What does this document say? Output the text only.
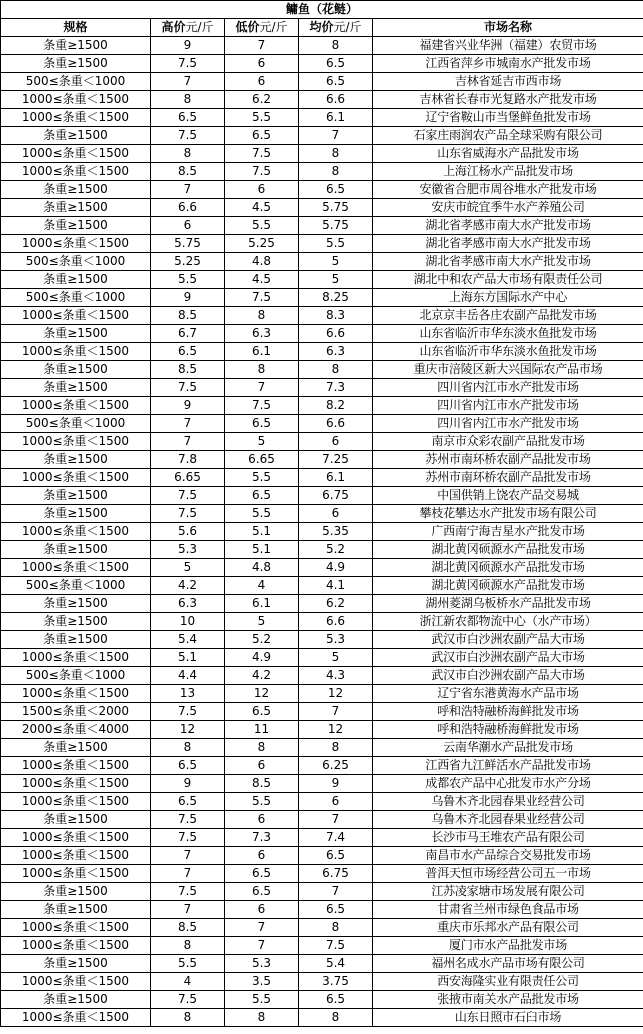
鳙鱼（花鲢）				
规格	高价元/斤	低价元/斤	均价元/斤	市场名称
条重≥1500	9	7	8	福建省兴业华洲（福建）农贸市场
条重≥1500	7.5	6	6.5	江西省萍乡市城南水产批发市场
500≤条重＜1000	7	6	6.5	吉林省延吉市西市场
1000≤条重＜1500	8	6.2	6.6	吉林省长春市光复路水产批发市场
1000≤条重＜1500	6.5	5.5	6.1	辽宁省鞍山市当堡鲜鱼批发市场
条重≥1500	7.5	6.5	7	石家庄雨润农产品全球采购有限公司
1000≤条重＜1500	8	7.5	8	山东省威海水产品批发市场
1000≤条重＜1500	8.5	7.5	8	上海江杨水产品批发市场
条重≥1500	7	6	6.5	安徽省合肥市周谷堆水产批发市场
条重≥1500	6.6	4.5	5.75	安庆市皖宜季牛水产养殖公司
条重≥1500	6	5.5	5.75	湖北省孝感市南大水产批发市场
1000≤条重＜1500	5.75	5.25	5.5	湖北省孝感市南大水产批发市场
500≤条重＜1000	5.25	4.8	5	湖北省孝感市南大水产批发市场
条重≥1500	5.5	4.5	5	湖北中和农产品大市场有限责任公司
500≤条重＜1000	9	7.5	8.25	上海东方国际水产中心
1000≤条重＜1500	8.5	8	8.3	北京京丰岳各庄农副产品批发市场
条重≥1500	6.7	6.3	6.6	山东省临沂市华东淡水鱼批发市场
1000≤条重＜1500	6.5	6.1	6.3	山东省临沂市华东淡水鱼批发市场
条重≥1500	8.5	8	8	重庆市涪陵区新大兴国际农产品市场
条重≥1500	7.5	7	7.3	四川省内江市水产批发市场
1000≤条重＜1500	9	7.5	8.2	四川省内江市水产批发市场
500≤条重＜1000	7	6.5	6.6	四川省内江市水产批发市场
1000≤条重＜1500	7	5	6	南京市众彩农副产品批发市场
条重≥1500	7.8	6.65	7.25	苏州市南环桥农副产品批发市场
1000≤条重＜1500	6.65	5.5	6.1	苏州市南环桥农副产品批发市场
条重≥1500	7.5	6.5	6.75	中国供销上饶农产品交易城
条重≥1500	7.5	5.5	6	攀枝花攀达水产批发市场有限公司
1000≤条重＜1500	5.6	5.1	5.35	广西南宁海吉星水产批发市场
条重≥1500	5.3	5.1	5.2	湖北黄冈硕源水产品批发市场
1000≤条重＜1500	5	4.8	4.9	湖北黄冈硕源水产品批发市场
500≤条重＜1000	4.2	4	4.1	湖北黄冈硕源水产品批发市场
条重≥1500	6.3	6.1	6.2	湖州菱湖乌板桥水产品批发市场
条重≥1500	10	5	6.6	浙江新农都物流中心（水产市场）
条重≥1500	5.4	5.2	5.3	武汉市白沙洲农副产品大市场
1000≤条重＜1500	5.1	4.9	5	武汉市白沙洲农副产品大市场
500≤条重＜1000	4.4	4.2	4.3	武汉市白沙洲农副产品大市场
1000≤条重＜1500	13	12	12	辽宁省东港黄海水产品市场
1500≤条重＜2000	7.5	6.5	7	呼和浩特融桥海鲜批发市场
2000≤条重＜4000	12	11	12	呼和浩特融桥海鲜批发市场
条重≥1500	8	8	8	云南华潮水产品批发市场
1000≤条重＜1500	6.5	6	6.25	江西省九江鲜活水产品批发市场
1000≤条重＜1500	9	8.5	9	成都农产品中心批发市水产分场
1000≤条重＜1500	6.5	5.5	6	乌鲁木齐北园春果业经营公司
条重≥1500	7.5	6	7	乌鲁木齐北园春果业经营公司
1000≤条重＜1500	7.5	7.3	7.4	长沙市马王堆农产品有限公司
1000≤条重＜1500	7	6	6.5	南昌市水产品综合交易批发市场
1000≤条重＜1500	7	6.5	6.75	普洱天恒市场经营公司五一市场
条重≥1500	7.5	6.5	7	江苏凌家塘市场发展有限公司
条重≥1500	7	6	6.5	甘肃省兰州市绿色食品市场
1000≤条重＜1500	8.5	7	8	重庆市乐邦水产品有限公司
1000≤条重＜1500	8	7	7.5	厦门市水产品批发市场
条重≥1500	5.5	5.3	5.4	福州名成水产品市场有限公司
1000≤条重＜1500	4	3.5	3.75	西安海隆实业有限责任公司
条重≥1500	7.5	5.5	6.5	张掖市南关水产品批发市场
1000≤条重＜1500	8	8	8	山东日照市石臼市场
